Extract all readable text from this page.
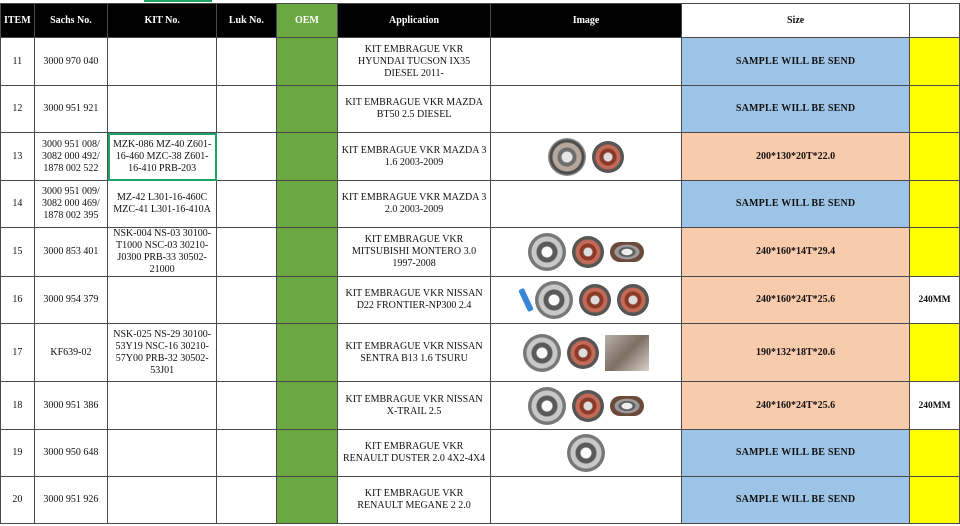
ITEM	Sachs No.	KIT No.	Luk No.	OEM	Application	Image	Size	
11	3000 970 040				KIT EMBRAGUE VKR HYUNDAI TUCSON IX35 DIESEL 2011-		SAMPLE WILL BE SEND	
12	3000 951 921				KIT EMBRAGUE VKR MAZDA BT50 2.5 DIESEL		SAMPLE WILL BE SEND	
13	3000 951 008/ 3082 000 492/ 1878 002 522	MZK-086 MZ-40 Z601-16-460 MZC-38 Z601-16-410 PRB-203			KIT EMBRAGUE VKR MAZDA 3 1.6 2003-2009		200*130*20T*22.0	
14	3000 951 009/ 3082 000 469/ 1878 002 395	MZ-42 L301-16-460C MZC-41 L301-16-410A			KIT EMBRAGUE VKR MAZDA 3 2.0 2003-2009		SAMPLE WILL BE SEND	
15	3000 853 401	NSK-004 NS-03 30100-T1000 NSC-03 30210-J0300 PRB-33 30502-21000			KIT EMBRAGUE VKR MITSUBISHI MONTERO 3.0 1997-2008		240*160*14T*29.4	
16	3000 954 379				KIT EMBRAGUE VKR NISSAN D22 FRONTIER-NP300 2.4		240*160*24T*25.6	240MM
17	KF639-02	NSK-025 NS-29 30100-53Y19 NSC-16 30210-57Y00 PRB-32 30502-53J01			KIT EMBRAGUE VKR NISSAN SENTRA B13 1.6 TSURU		190*132*18T*20.6	
18	3000 951 386				KIT EMBRAGUE VKR NISSAN X-TRAIL 2.5		240*160*24T*25.6	240MM
19	3000 950 648				KIT EMBRAGUE VKR RENAULT DUSTER 2.0 4X2-4X4		SAMPLE WILL BE SEND	
20	3000 951 926				KIT EMBRAGUE VKR RENAULT MEGANE 2 2.0		SAMPLE WILL BE SEND	
